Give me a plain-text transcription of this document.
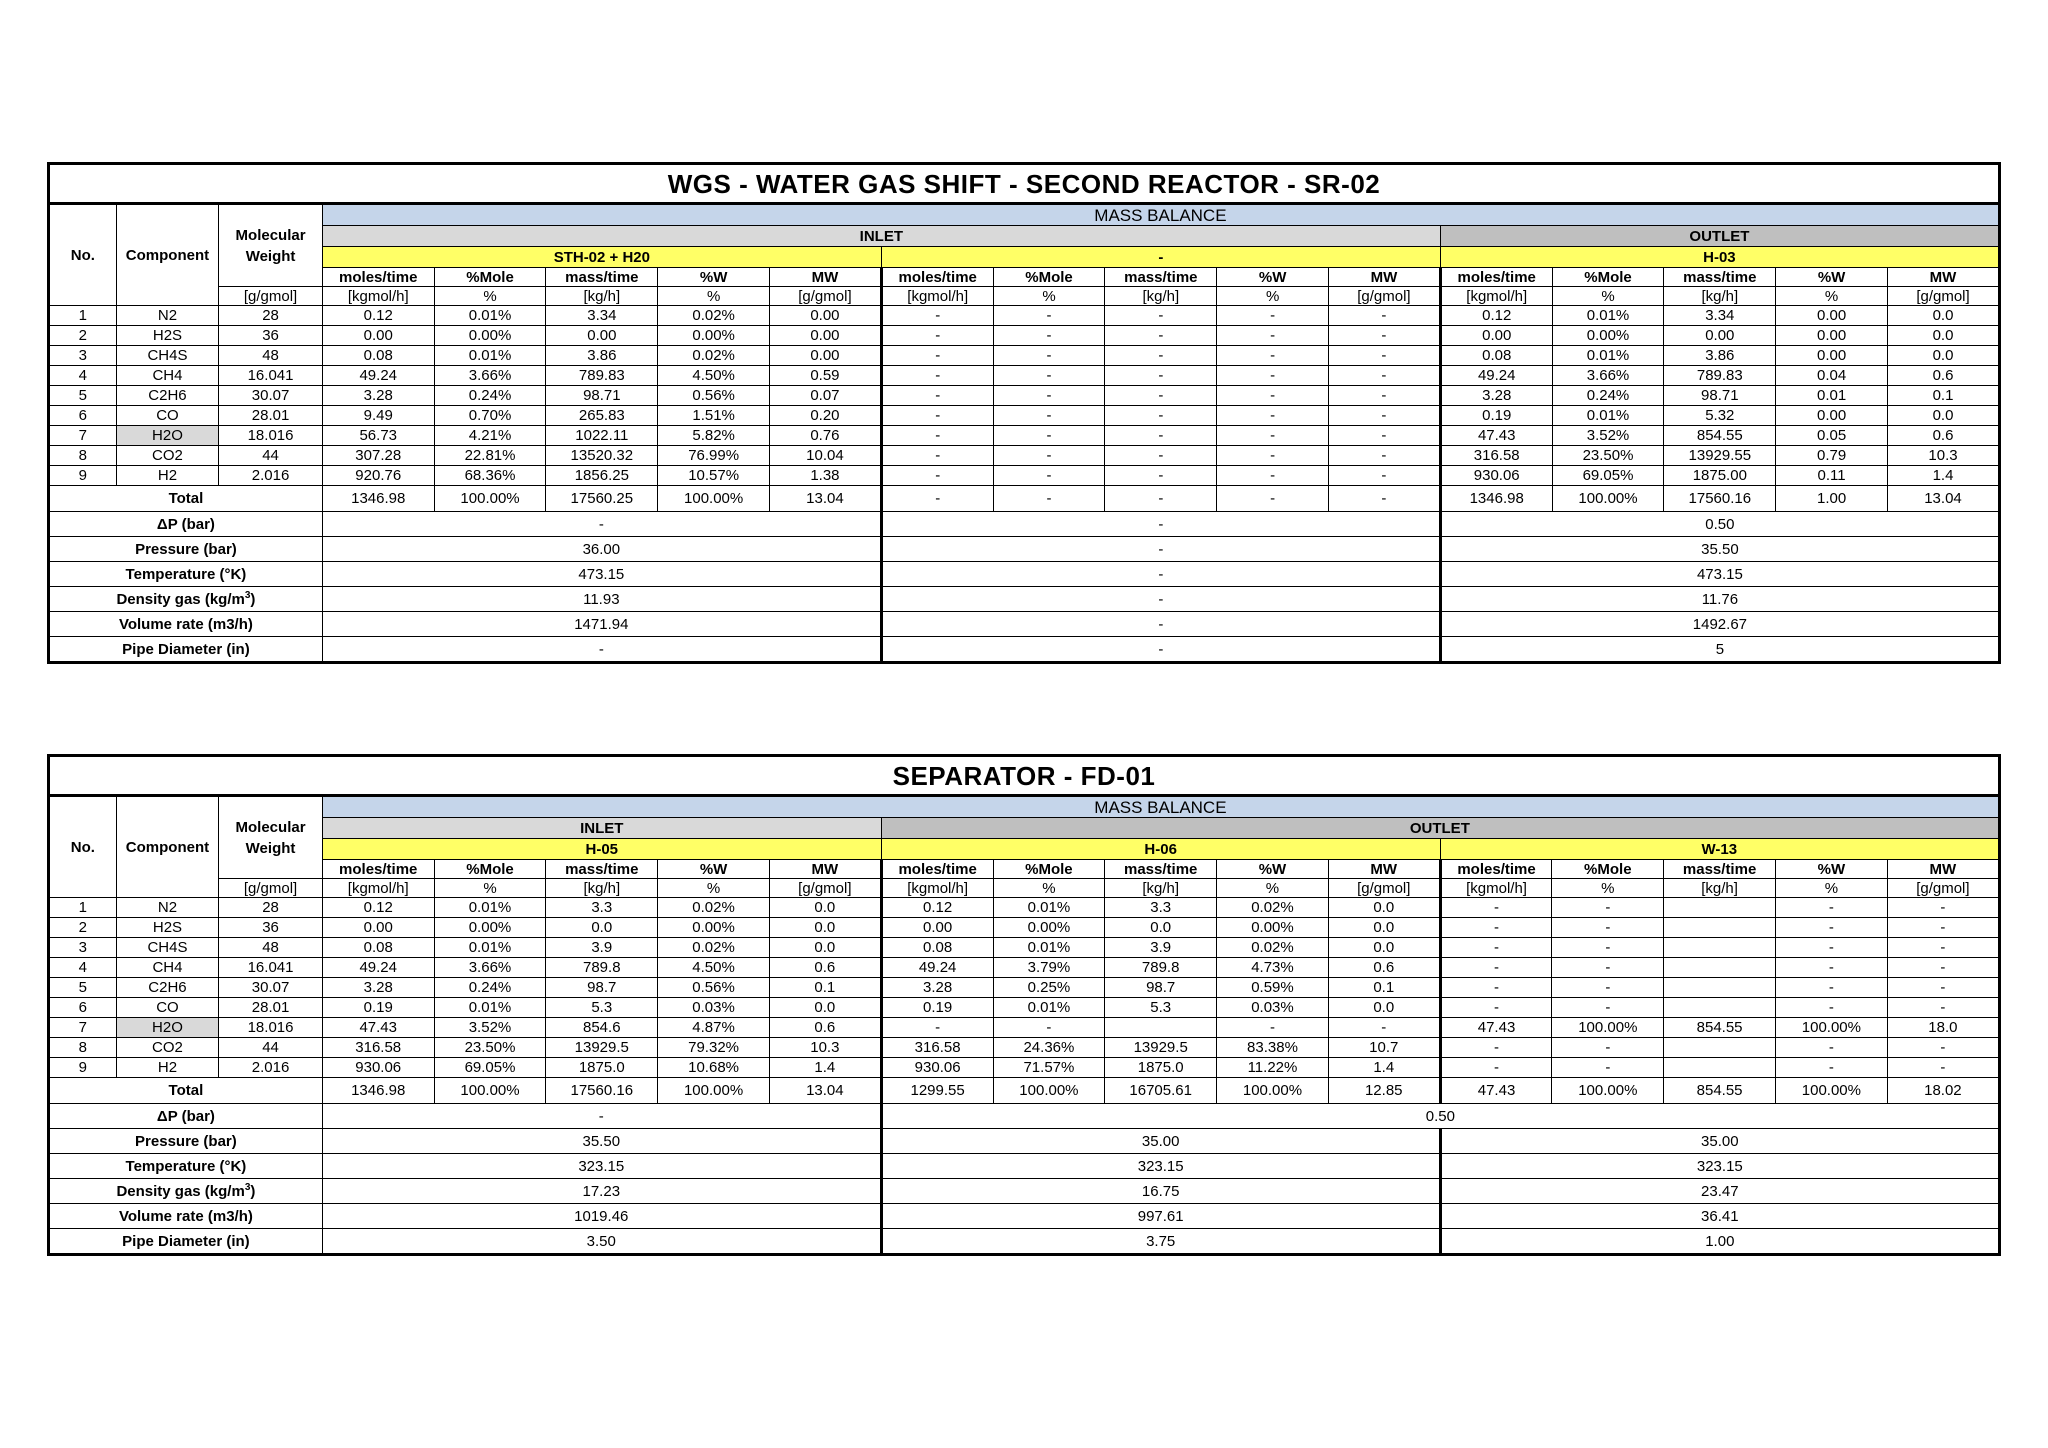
WGS - WATER GAS SHIFT - SECOND REACTOR - SR-02																	
No.	Component	Molecular
Weight	MASS BALANCE														
			INLET										OUTLET				
			STH-02 + H20					-					H-03				
			moles/time	%Mole	mass/time	%W	MW	moles/time	%Mole	mass/time	%W	MW	moles/time	%Mole	mass/time	%W	MW
		[g/gmol]	[kgmol/h]	%	[kg/h]	%	[g/gmol]	[kgmol/h]	%	[kg/h]	%	[g/gmol]	[kgmol/h]	%	[kg/h]	%	[g/gmol]
1	N2	28	0.12	0.01%	3.34	0.02%	0.00	-	-	-	-	-	0.12	0.01%	3.34	0.00	0.0
2	H2S	36	0.00	0.00%	0.00	0.00%	0.00	-	-	-	-	-	0.00	0.00%	0.00	0.00	0.0
3	CH4S	48	0.08	0.01%	3.86	0.02%	0.00	-	-	-	-	-	0.08	0.01%	3.86	0.00	0.0
4	CH4	16.041	49.24	3.66%	789.83	4.50%	0.59	-	-	-	-	-	49.24	3.66%	789.83	0.04	0.6
5	C2H6	30.07	3.28	0.24%	98.71	0.56%	0.07	-	-	-	-	-	3.28	0.24%	98.71	0.01	0.1
6	CO	28.01	9.49	0.70%	265.83	1.51%	0.20	-	-	-	-	-	0.19	0.01%	5.32	0.00	0.0
7	H2O	18.016	56.73	4.21%	1022.11	5.82%	0.76	-	-	-	-	-	47.43	3.52%	854.55	0.05	0.6
8	CO2	44	307.28	22.81%	13520.32	76.99%	10.04	-	-	-	-	-	316.58	23.50%	13929.55	0.79	10.3
9	H2	2.016	920.76	68.36%	1856.25	10.57%	1.38	-	-	-	-	-	930.06	69.05%	1875.00	0.11	1.4
Total			1346.98	100.00%	17560.25	100.00%	13.04	-	-	-	-	-	1346.98	100.00%	17560.16	1.00	13.04
ΔP (bar)			-					-					0.50				
Pressure (bar)			36.00					-					35.50				
Temperature (°K)			473.15					-					473.15				
Density gas $(kg/m^3)$			11.93					-					11.76				
Volume rate (m3/h)			1471.94					-					1492.67				
Pipe Diameter (in)			-					-					5				
SEPARATOR - FD-01																	
No.	Component	Molecular
Weight	MASS BALANCE														
			INLET					OUTLET									
			H-05					H-06					W-13				
			moles/time	%Mole	mass/time	%W	MW	moles/time	%Mole	mass/time	%W	MW	moles/time	%Mole	mass/time	%W	MW
		[g/gmol]	[kgmol/h]	%	[kg/h]	%	[g/gmol]	[kgmol/h]	%	[kg/h]	%	[g/gmol]	[kgmol/h]	%	[kg/h]	%	[g/gmol]
1	N2	28	0.12	0.01%	3.3	0.02%	0.0	0.12	0.01%	3.3	0.02%	0.0	-	-		-	-
2	H2S	36	0.00	0.00%	0.0	0.00%	0.0	0.00	0.00%	0.0	0.00%	0.0	-	-		-	-
3	CH4S	48	0.08	0.01%	3.9	0.02%	0.0	0.08	0.01%	3.9	0.02%	0.0	-	-		-	-
4	CH4	16.041	49.24	3.66%	789.8	4.50%	0.6	49.24	3.79%	789.8	4.73%	0.6	-	-		-	-
5	C2H6	30.07	3.28	0.24%	98.7	0.56%	0.1	3.28	0.25%	98.7	0.59%	0.1	-	-		-	-
6	CO	28.01	0.19	0.01%	5.3	0.03%	0.0	0.19	0.01%	5.3	0.03%	0.0	-	-		-	-
7	H2O	18.016	47.43	3.52%	854.6	4.87%	0.6	-	-		-	-	47.43	100.00%	854.55	100.00%	18.0
8	CO2	44	316.58	23.50%	13929.5	79.32%	10.3	316.58	24.36%	13929.5	83.38%	10.7	-	-		-	-
9	H2	2.016	930.06	69.05%	1875.0	10.68%	1.4	930.06	71.57%	1875.0	11.22%	1.4	-	-		-	-
Total			1346.98	100.00%	17560.16	100.00%	13.04	1299.55	100.00%	16705.61	100.00%	12.85	47.43	100.00%	854.55	100.00%	18.02
ΔP (bar)			-					0.50									
Pressure (bar)			35.50					35.00					35.00				
Temperature (°K)			323.15					323.15					323.15				
Density gas $(kg/m^3)$			17.23					16.75					23.47				
Volume rate (m3/h)			1019.46					997.61					36.41				
Pipe Diameter (in)			3.50					3.75					1.00				
